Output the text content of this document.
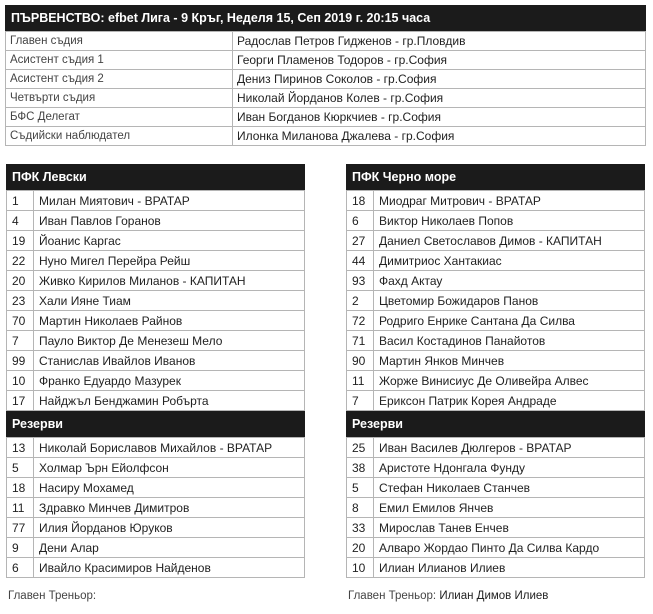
ПЪРВЕНСТВО: efbet Лига - 9 Кръг, Неделя 15, Сеп 2019 г. 20:15 часа
Главен съдия	Радослав Петров Гидженов - гр.Пловдив
Асистент съдия 1	Георги Пламенов Тодоров - гр.София
Асистент съдия 2	Дениз Пиринов Соколов - гр.София
Четвърти съдия	Николай Йорданов Колев - гр.София
БФС Делегат	Иван Богданов Кюркчиев - гр.София
Съдийски наблюдател	Илонка Миланова Джалева - гр.София
ПФК Левски
1	Милан Миятович - ВРАТАР
4	Иван Павлов Горанов
19	Йоанис Каргас
22	Нуно Мигел Перейра Рейш
20	Живко Кирилов Миланов - КАПИТАН
23	Хали Ияне Тиам
70	Мартин Николаев Райнов
7	Пауло Виктор Де Менезеш Мело
99	Станислав Ивайлов Иванов
10	Франко Едуардо Мазурек
17	Найджъл Бенджамин Робърта
Резерви
13	Николай Бориславов Михайлов - ВРАТАР
5	Холмар Ърн Ейолфсон
18	Насиру Мохамед
11	Здравко Минчев Димитров
77	Илия Йорданов Юруков
9	Дени Алар
6	Ивайло Красимиров Найденов
Главен Треньор:
ПФК Черно море
18	Миодраг Митрович - ВРАТАР
6	Виктор Николаев Попов
27	Даниел Светославов Димов - КАПИТАН
44	Димитриос Хантакиас
93	Фахд Актау
2	Цветомир Божидаров Панов
72	Родриго Енрике Сантана Да Силва
71	Васил Костадинов Панайотов
90	Мартин Янков Минчев
11	Жорже Винисиус Де Оливейра Алвес
7	Ериксон Патрик Корея Андраде
Резерви
25	Иван Василев Дюлгеров - ВРАТАР
38	Аристоте Ндонгала Фунду
5	Стефан Николаев Станчев
8	Емил Емилов Янчев
33	Мирослав Танев Енчев
20	Алваро Жордао Пинто Да Силва Кардо
10	Илиан Илианов Илиев
Главен Треньор: Илиан Димов Илиев
